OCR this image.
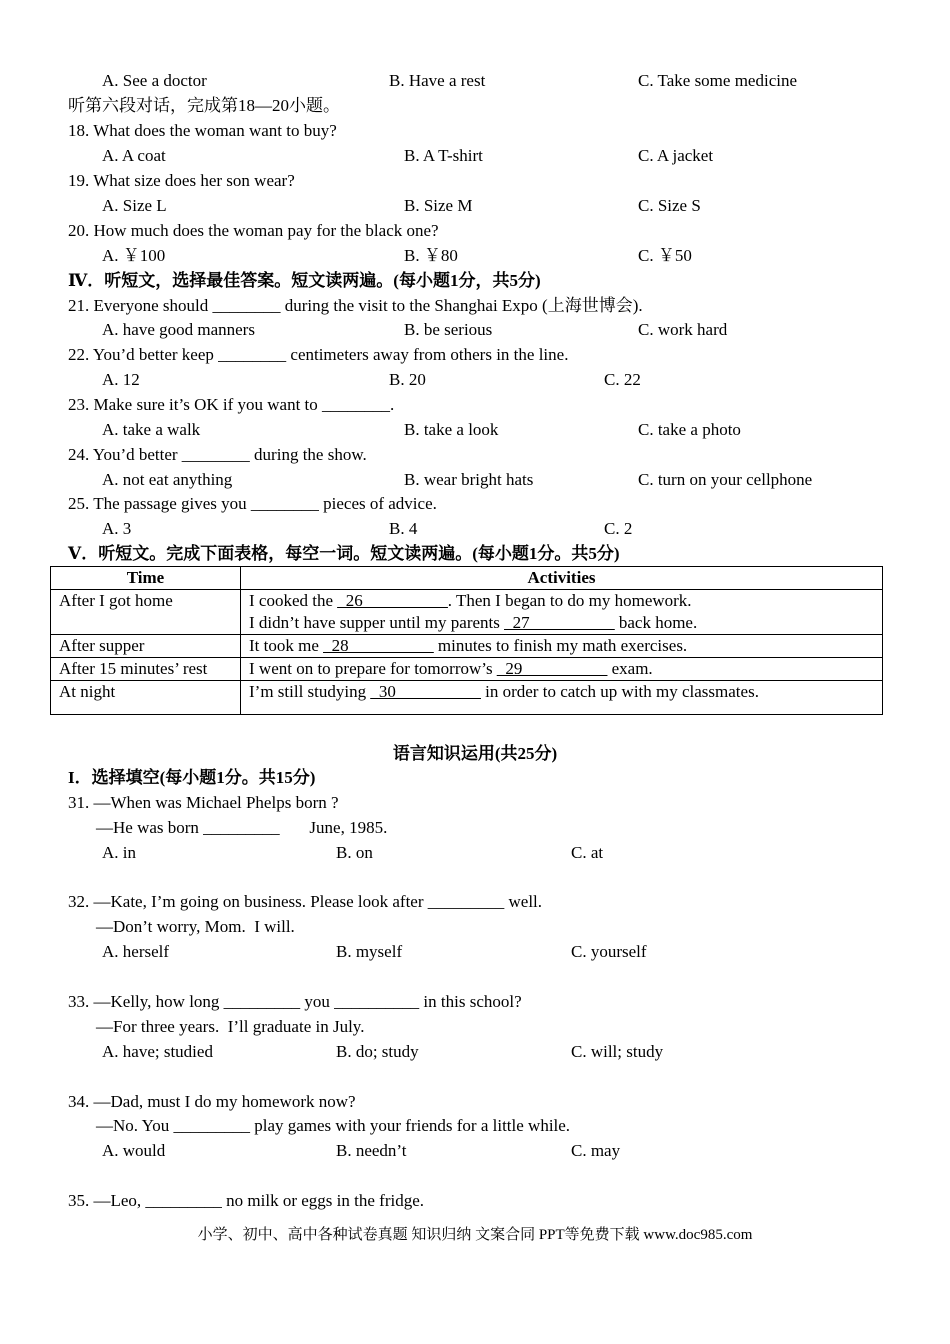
A. See a doctor	B. Have a rest	C. Take some medicine
听第六段对话，完成第18—20小题。
18. What does the woman want to buy?
A. A coat	B. A T-shirt	C. A jacket
19. What size does her son wear?
A. Size L	B. Size M	C. Size S
20. How much does the woman pay for the black one?
A. ￥100	B. ￥80	C. ￥50
Ⅳ．听短文，选择最佳答案。短文读两遍。(每小题1分，共5分)
21. Everyone should ________ during the visit to the Shanghai Expo (上海世博会).
A. have good manners	B. be serious	C. work hard
22. You’d better keep ________ centimeters away from others in the line.
A. 12	B. 20	C. 22
23. Make sure it’s OK if you want to ________.
A. take a walk	B. take a look	C. take a photo
24. You’d better ________ during the show.
A. not eat anything	B. wear bright hats	C. turn on your cellphone
25. The passage gives you ________ pieces of advice.
A. 3	B. 4	C. 2
Ⅴ．听短文。完成下面表格，每空一词。短文读两遍。(每小题1分。共5分)
Time	Activities
After I got home	I cooked the _26__________. Then I began to do my homework.
I didn’t have supper until my parents _27__________ back home.
After supper	It took me _28__________ minutes to finish my math exercises.
After 15 minutes’ rest	I went on to prepare for tomorrow’s _29__________ exam.
At night	I’m still studying _30__________ in order to catch up with my classmates.
语言知识运用(共25分)
I．选择填空(每小题1分。共15分)
31. —When was Michael Phelps born ?
—He was born _________       June, 1985.
A. in	B. on	C. at
32. —Kate, I’m going on business. Please look after _________ well.
—Don’t worry, Mom.  I will.
A. herself	B. myself	C. yourself
33. —Kelly, how long _________ you __________ in this school?
—For three years.  I’ll graduate in July.
A. have; studied	B. do; study	C. will; study
34. —Dad, must I do my homework now?
—No. You _________ play games with your friends for a little while.
A. would	B. needn’t	C. may
35. —Leo, _________ no milk or eggs in the fridge.
小学、初中、高中各种试卷真题 知识归纳 文案合同 PPT等免费下载 www.doc985.com
